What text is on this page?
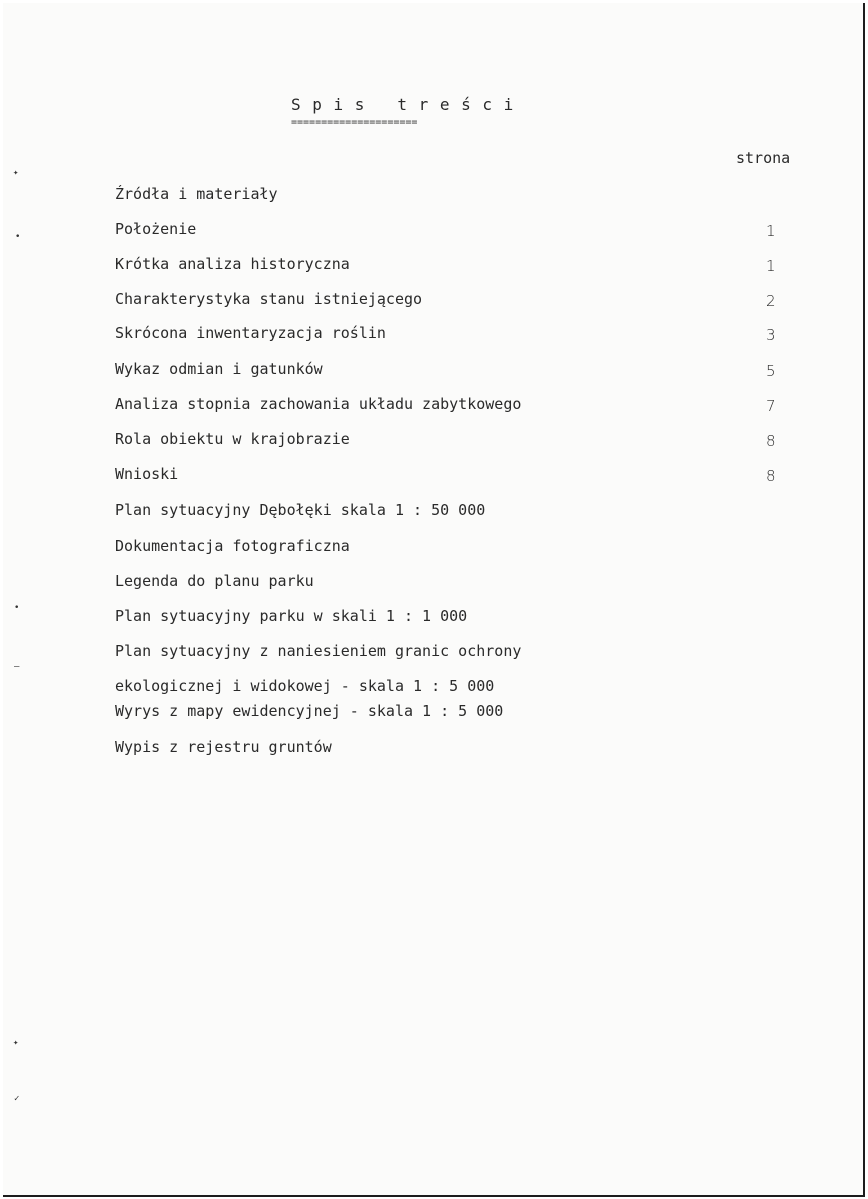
S p i s   t r e ś c i
=====================
strona
Źródła i materiały
Położenie	1
Krótka analiza historyczna	1
Charakterystyka stanu istniejącego	2
Skrócona inwentaryzacja roślin	3
Wykaz odmian i gatunków	5
Analiza stopnia zachowania układu zabytkowego	7
Rola obiektu w krajobrazie	8
Wnioski	8
Plan sytuacyjny Dębołęki skala 1 : 50 000
Dokumentacja fotograficzna
Legenda do planu parku
Plan sytuacyjny parku w skali 1 : 1 000
Plan sytuacyjny z naniesieniem granic ochrony
ekologicznej i widokowej - skala 1 : 5 000
Wyrys z mapy ewidencyjnej - skala 1 : 5 000
Wypis z rejestru gruntów
✦
•
•
–
✦
✓
